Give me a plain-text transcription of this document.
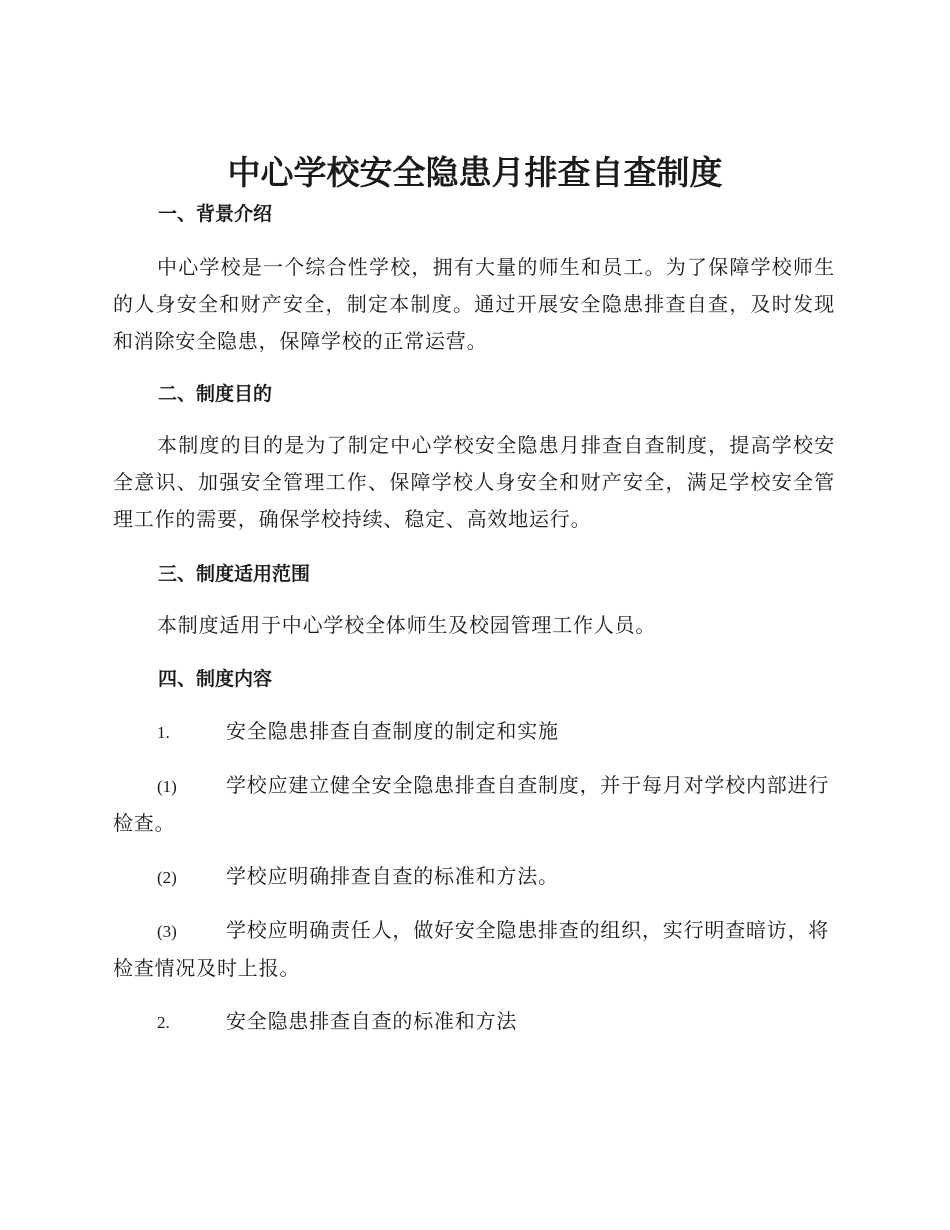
中心学校安全隐患月排查自查制度
一、背景介绍

中心学校是一个综合性学校，拥有大量的师生和员工。为了保障学校师生的人身安全和财产安全，制定本制度。通过开展安全隐患排查自查，及时发现和消除安全隐患，保障学校的正常运营。

二、制度目的

本制度的目的是为了制定中心学校安全隐患月排查自查制度，提高学校安全意识、加强安全管理工作、保障学校人身安全和财产安全，满足学校安全管理工作的需要，确保学校持续、稳定、高效地运行。

三、制度适用范围

本制度适用于中心学校全体师生及校园管理工作人员。

四、制度内容

1.	安全隐患排查自查制度的制定和实施

(1) 学校应建立健全安全隐患排查自查制度，并于每月对学校内部进行检查。

(2) 学校应明确排查自查的标准和方法。

(3) 学校应明确责任人，做好安全隐患排查的组织，实行明查暗访，将检查情况及时上报。

2.	安全隐患排查自查的标准和方法
